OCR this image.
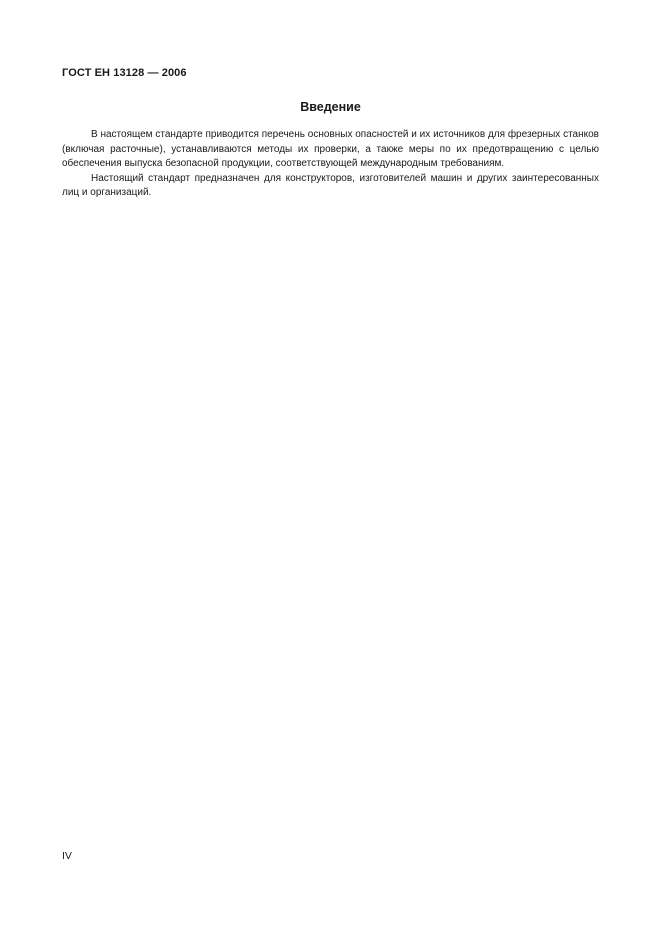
ГОСТ ЕН 13128 — 2006
Введение

В настоящем стандарте приводится перечень основных опасностей и их источников для фрезерных станков (включая расточные), устанавливаются методы их проверки, а также меры по их предотвращению с целью обеспечения выпуска безопасной продукции, соответствующей международным требованиям.

Настоящий стандарт предназначен для конструкторов, изготовителей машин и других заинтересованных лиц и организаций.

IV
